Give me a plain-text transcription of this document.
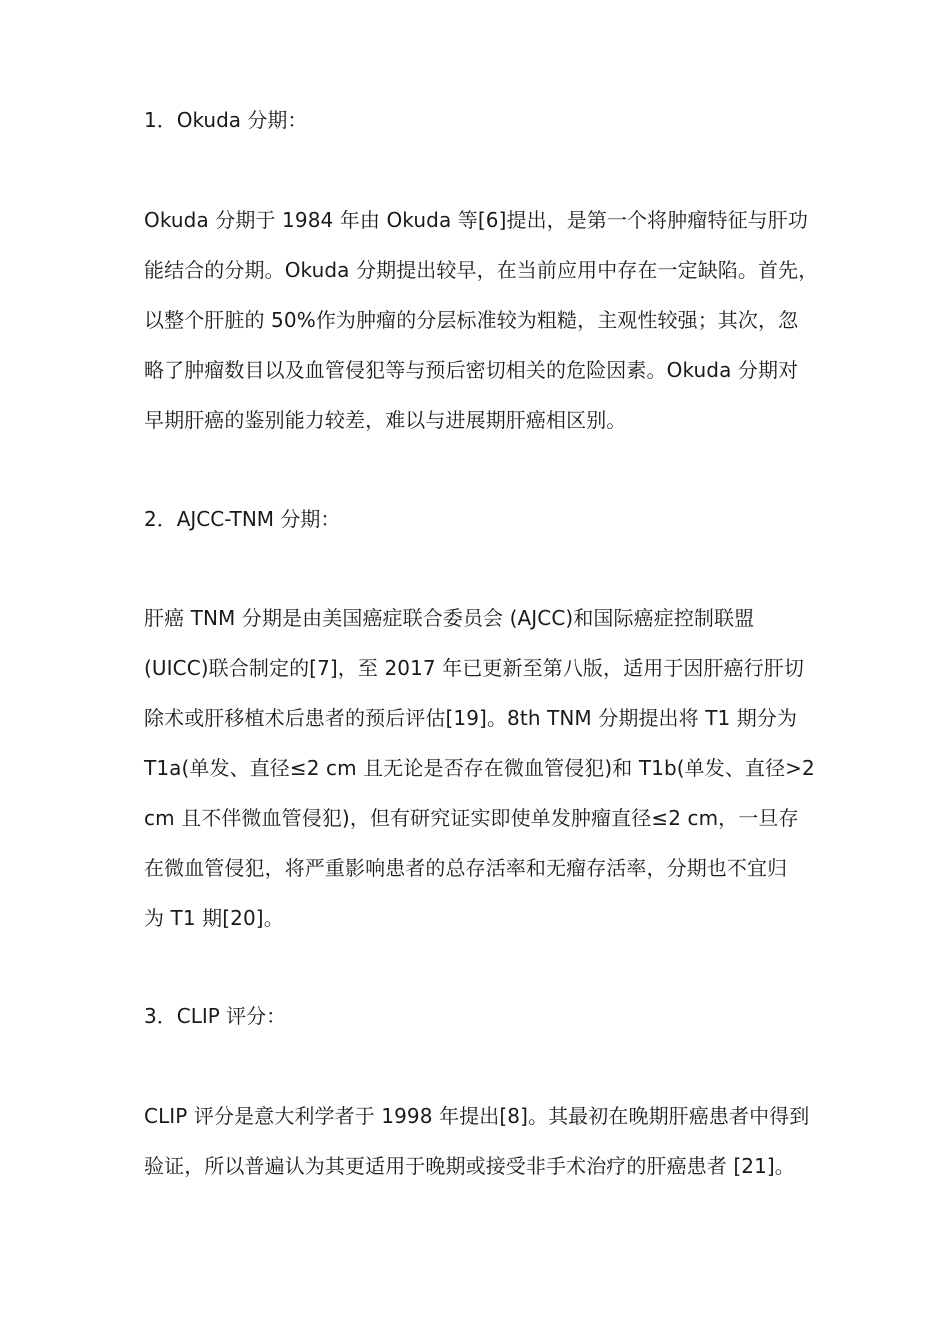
1．Okuda 分期：
Okuda 分期于 1984 年由 Okuda 等[6]提出，是第一个将肿瘤特征与肝功
能结合的分期。Okuda 分期提出较早，在当前应用中存在一定缺陷。首先，
以整个肝脏的 50%作为肿瘤的分层标准较为粗糙，主观性较强；其次，忽
略了肿瘤数目以及血管侵犯等与预后密切相关的危险因素。Okuda 分期对
早期肝癌的鉴别能力较差，难以与进展期肝癌相区别。
2．AJCC-TNM 分期：
肝癌 TNM 分期是由美国癌症联合委员会 (AJCC)和国际癌症控制联盟
(UICC)联合制定的[7]，至 2017 年已更新至第八版，适用于因肝癌行肝切
除术或肝移植术后患者的预后评估[19]。8th TNM 分期提出将 T1 期分为
T1a(单发、直径≤2 cm 且无论是否存在微血管侵犯)和 T1b(单发、直径>2
cm 且不伴微血管侵犯)，但有研究证实即使单发肿瘤直径≤2 cm，一旦存
在微血管侵犯，将严重影响患者的总存活率和无瘤存活率，分期也不宜归
为 T1 期[20]。
3．CLIP 评分：
CLIP 评分是意大利学者于 1998 年提出[8]。其最初在晚期肝癌患者中得到
验证，所以普遍认为其更适用于晚期或接受非手术治疗的肝癌患者 [21]。
